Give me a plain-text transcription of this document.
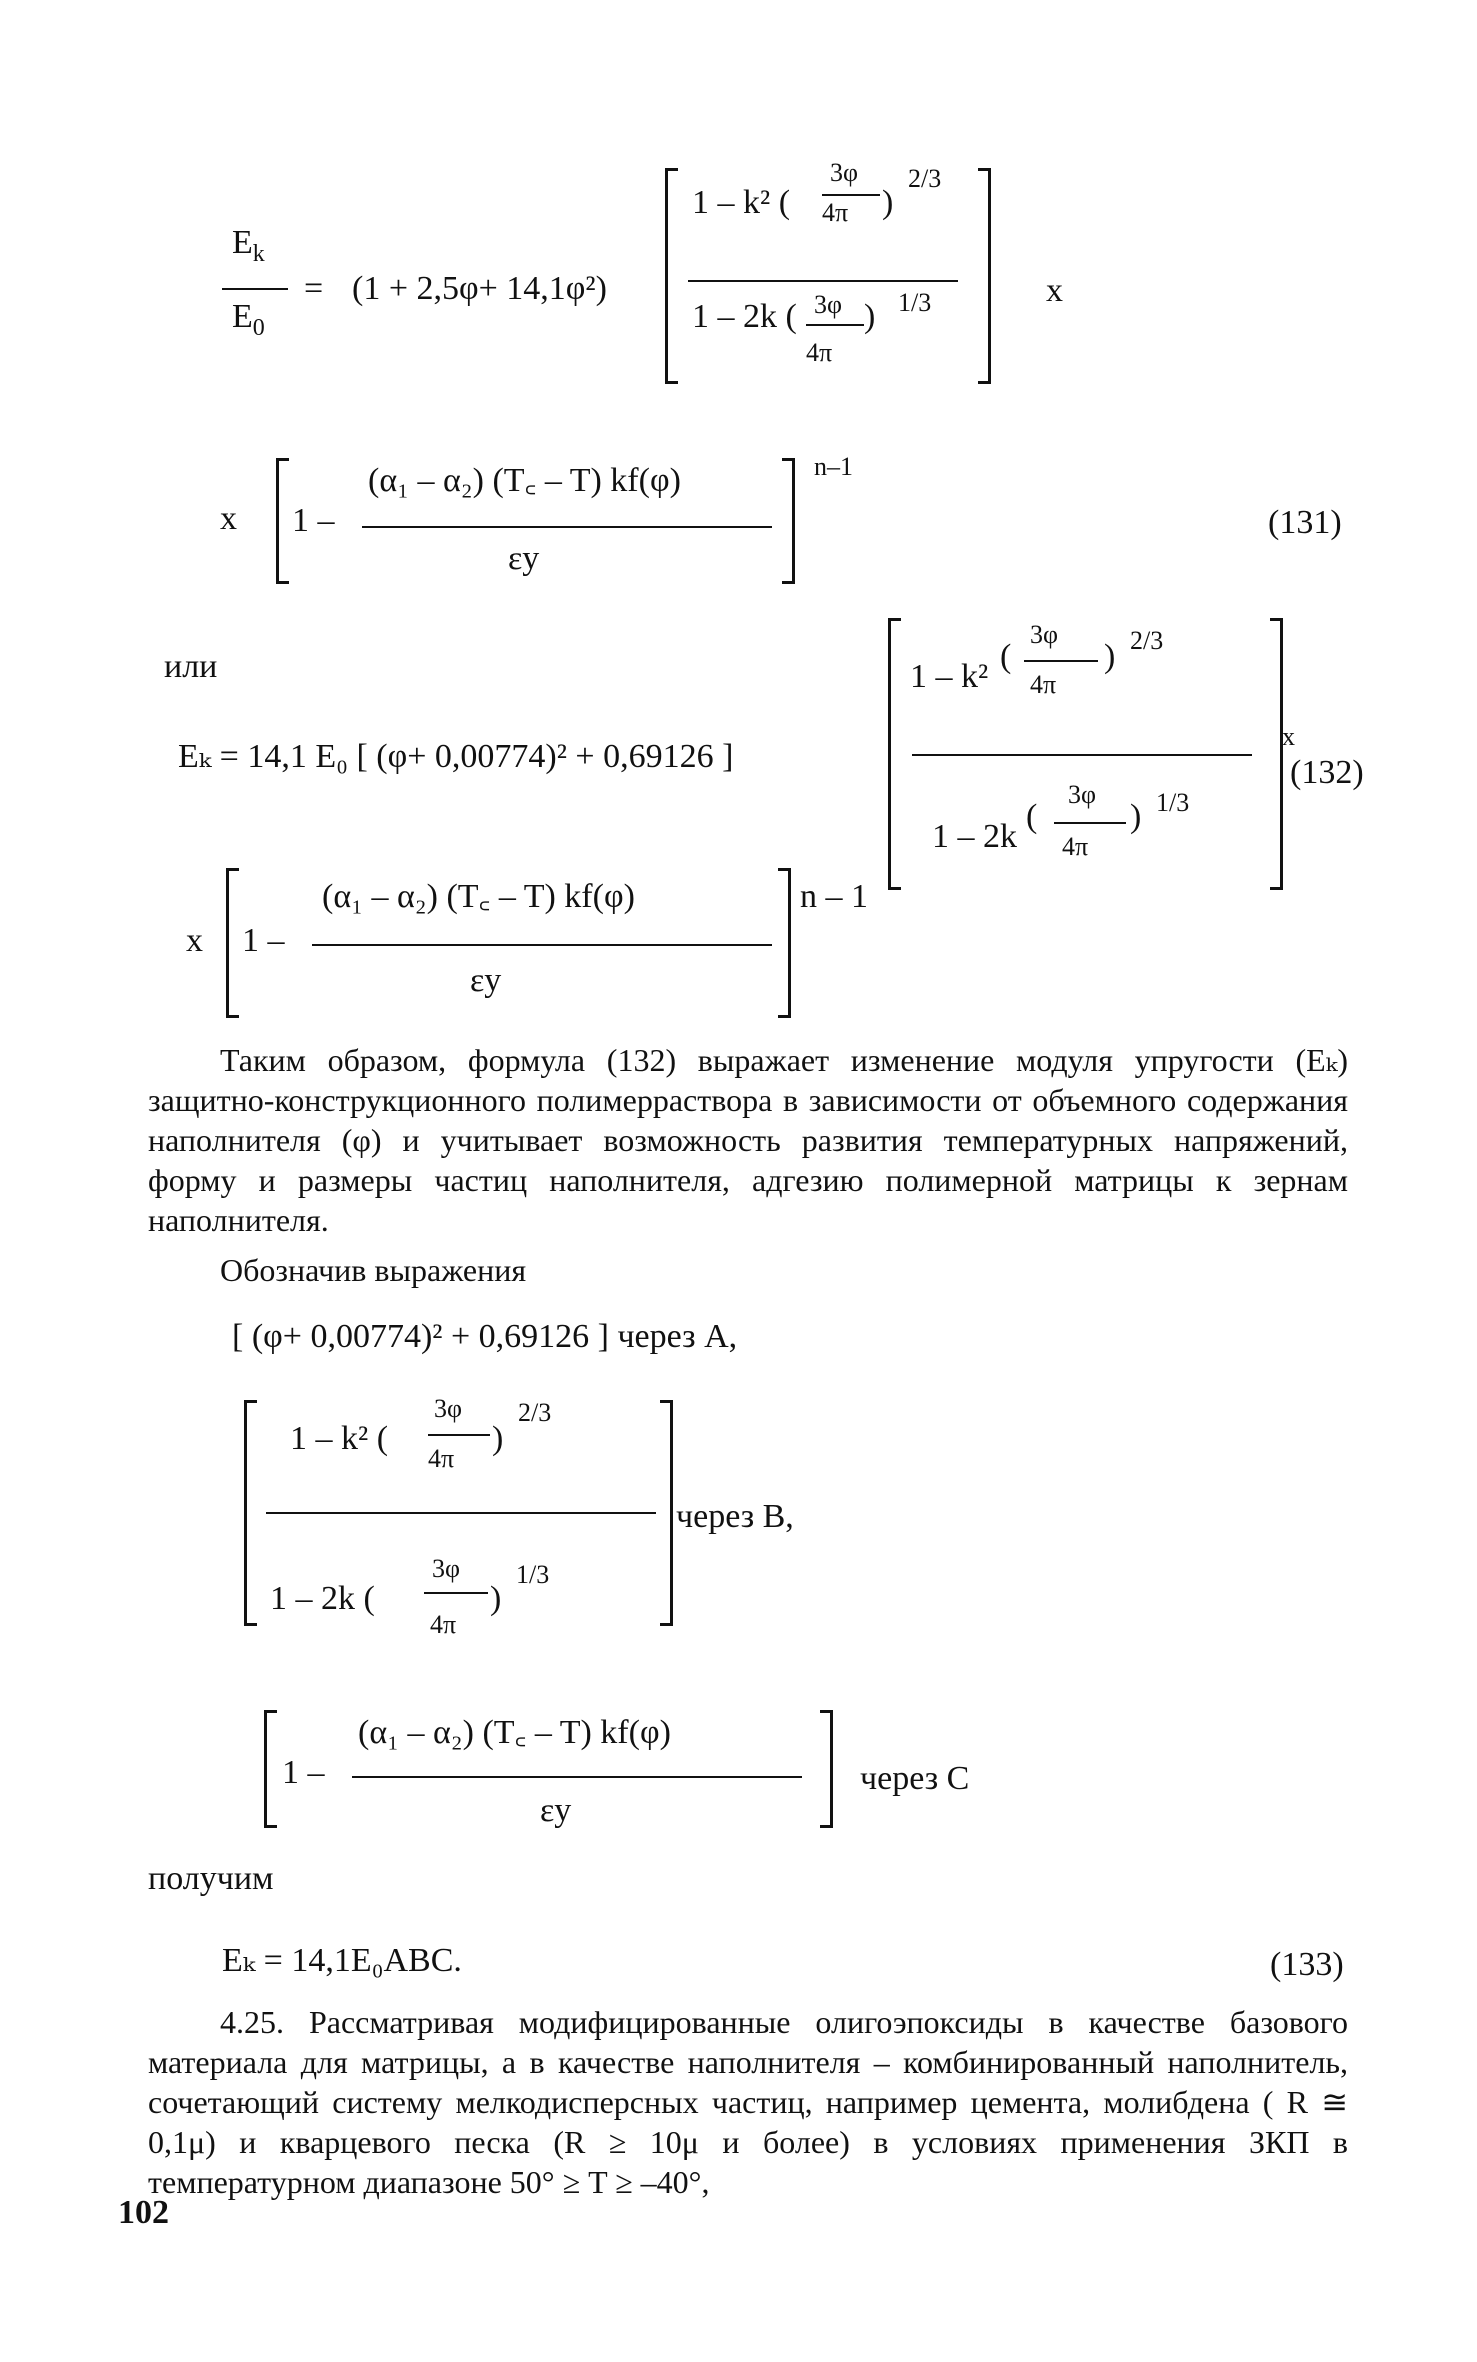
$E_k$
$E_0$
= (1 + 2,5φ+ 14,1φ²)
1 – k² (
3φ
4π )
2/3
1 – 2k ( 3φ
4π
) 1/3	x
x 1 –
(α₁ – α₂) (T꜀ – T) kf(φ)
εy
n–1
(131)
или
Eₖ = 14,1 E₀ [ (φ+ 0,00774)² + 0,69126 ]
1 – k²
(
3φ
4π
) 2/3
1 – 2k
(
3φ
4π
) 1/3
x
(132)
x 1 –
(α₁ – α₂) (T꜀ – T) kf(φ)
εy
n – 1
Таким образом, формула (132) выражает изменение модуля упругости (Eₖ) защитно-конструкционного полимерраствора в зависимости от объемного содержания наполнителя (φ) и учитывает возможность развития температурных напряжений, форму и размеры частиц наполнителя, адгезию полимерной матрицы к зернам наполнителя.
Обозначив выражения
[ (φ+ 0,00774)² + 0,69126 ] через A,
1 – k² (
3φ
4π
)
2/3
1 – 2k (
3φ
4π
)
1/3
через B,
1 –
(α₁ – α₂) (T꜀ – T) kf(φ)
εy
через C
получим
Eₖ = 14,1E₀ABC.	(133)
4.25. Рассматривая модифицированные олигоэпоксиды в качестве базового материала для матрицы, а в качестве наполнителя – комбинированный наполнитель, сочетающий систему мелкодисперсных частиц, например цемента, молибдена ( R ≅ 0,1μ) и кварцевого песка (R ≥ 10μ и более) в условиях применения ЗКП в температурном диапазоне 50° ≥ T ≥ –40°,
102
